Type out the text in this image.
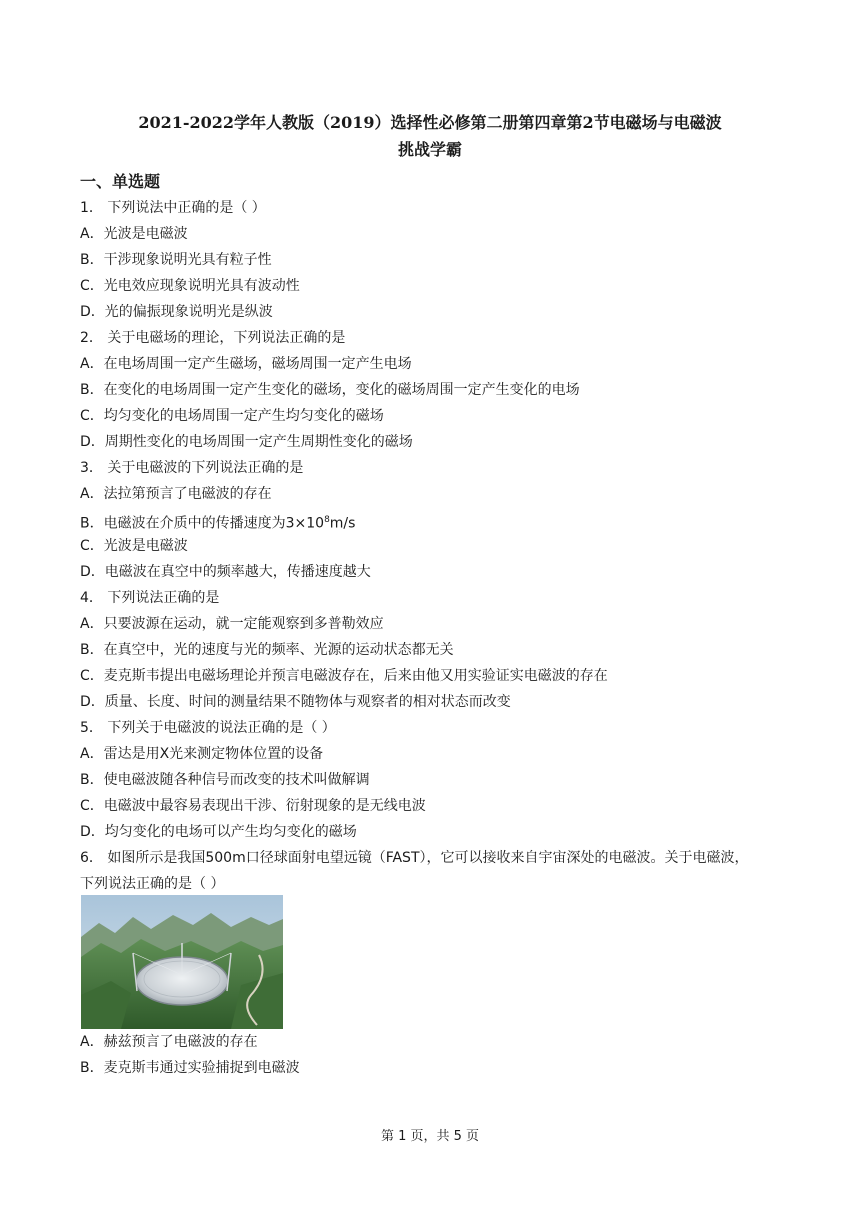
2021-2022学年人教版（2019）选择性必修第二册第四章第2节电磁场与电磁波
挑战学霸
一、单选题
1． 下列说法中正确的是（ ）
A．光波是电磁波
B．干涉现象说明光具有粒子性
C．光电效应现象说明光具有波动性
D．光的偏振现象说明光是纵波
2． 关于电磁场的理论，下列说法正确的是
A．在电场周围一定产生磁场，磁场周围一定产生电场
B．在变化的电场周围一定产生变化的磁场，变化的磁场周围一定产生变化的电场
C．均匀变化的电场周围一定产生均匀变化的磁场
D．周期性变化的电场周围一定产生周期性变化的磁场
3． 关于电磁波的下列说法正确的是
A．法拉第预言了电磁波的存在
B．电磁波在介质中的传播速度为$3\times 10^8m/s$
C．光波是电磁波
D．电磁波在真空中的频率越大，传播速度越大
4． 下列说法正确的是
A．只要波源在运动，就一定能观察到多普勒效应
B．在真空中，光的速度与光的频率、光源的运动状态都无关
C．麦克斯韦提出电磁场理论并预言电磁波存在，后来由他又用实验证实电磁波的存在
D．质量、长度、时间的测量结果不随物体与观察者的相对状态而改变
5． 下列关于电磁波的说法正确的是（ ）
A．雷达是用X光来测定物体位置的设备
B．使电磁波随各种信号而改变的技术叫做解调
C．电磁波中最容易表现出干涉、衍射现象的是无线电波
D．均匀变化的电场可以产生均匀变化的磁场
6． 如图所示是我国500m口径球面射电望远镜（FAST），它可以接收来自宇宙深处的电磁波。关于电磁波，
下列说法正确的是（ ）
A．赫兹预言了电磁波的存在
B．麦克斯韦通过实验捕捉到电磁波
第 1 页，共 5 页
